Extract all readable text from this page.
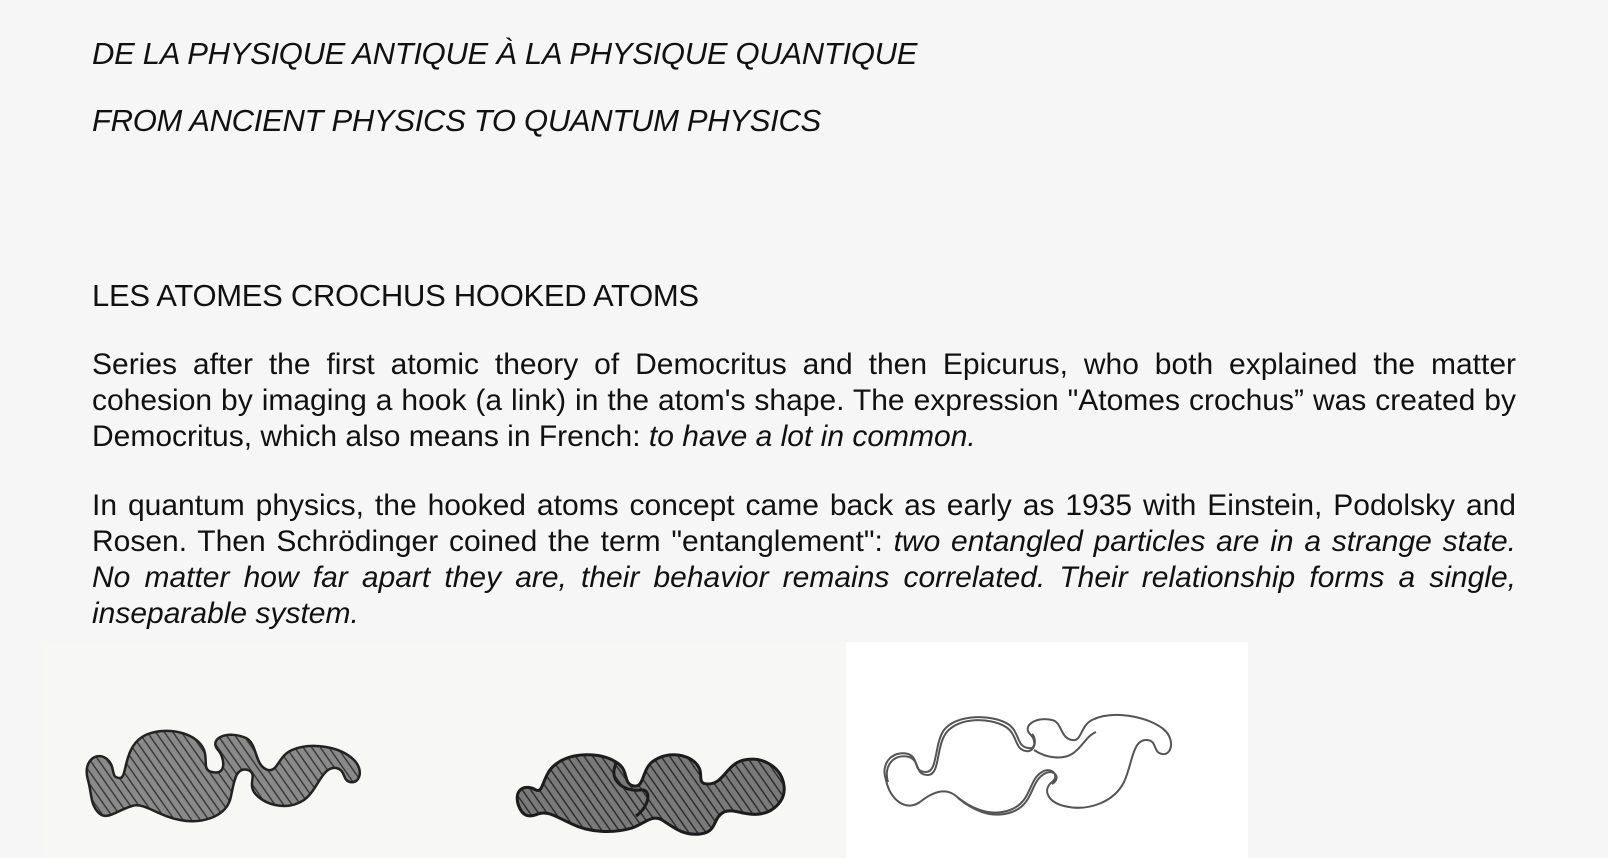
DE LA PHYSIQUE ANTIQUE À LA PHYSIQUE QUANTIQUE
FROM ANCIENT PHYSICS TO QUANTUM PHYSICS
LES ATOMES CROCHUS HOOKED ATOMS

Series after the first atomic theory of Democritus and then Epicurus, who both explained the matter cohesion by imaging a hook (a link) in the atom's shape. The expression "Atomes crochus” was created by Democritus, which also means in French: to have a lot in common.

In quantum physics, the hooked atoms concept came back as early as 1935 with Einstein, Podolsky and Rosen. Then Schrödinger coined the term "entanglement": two entangled particles are in a strange state. No matter how far apart they are, their behavior remains correlated. Their relationship forms a single, inseparable system.
